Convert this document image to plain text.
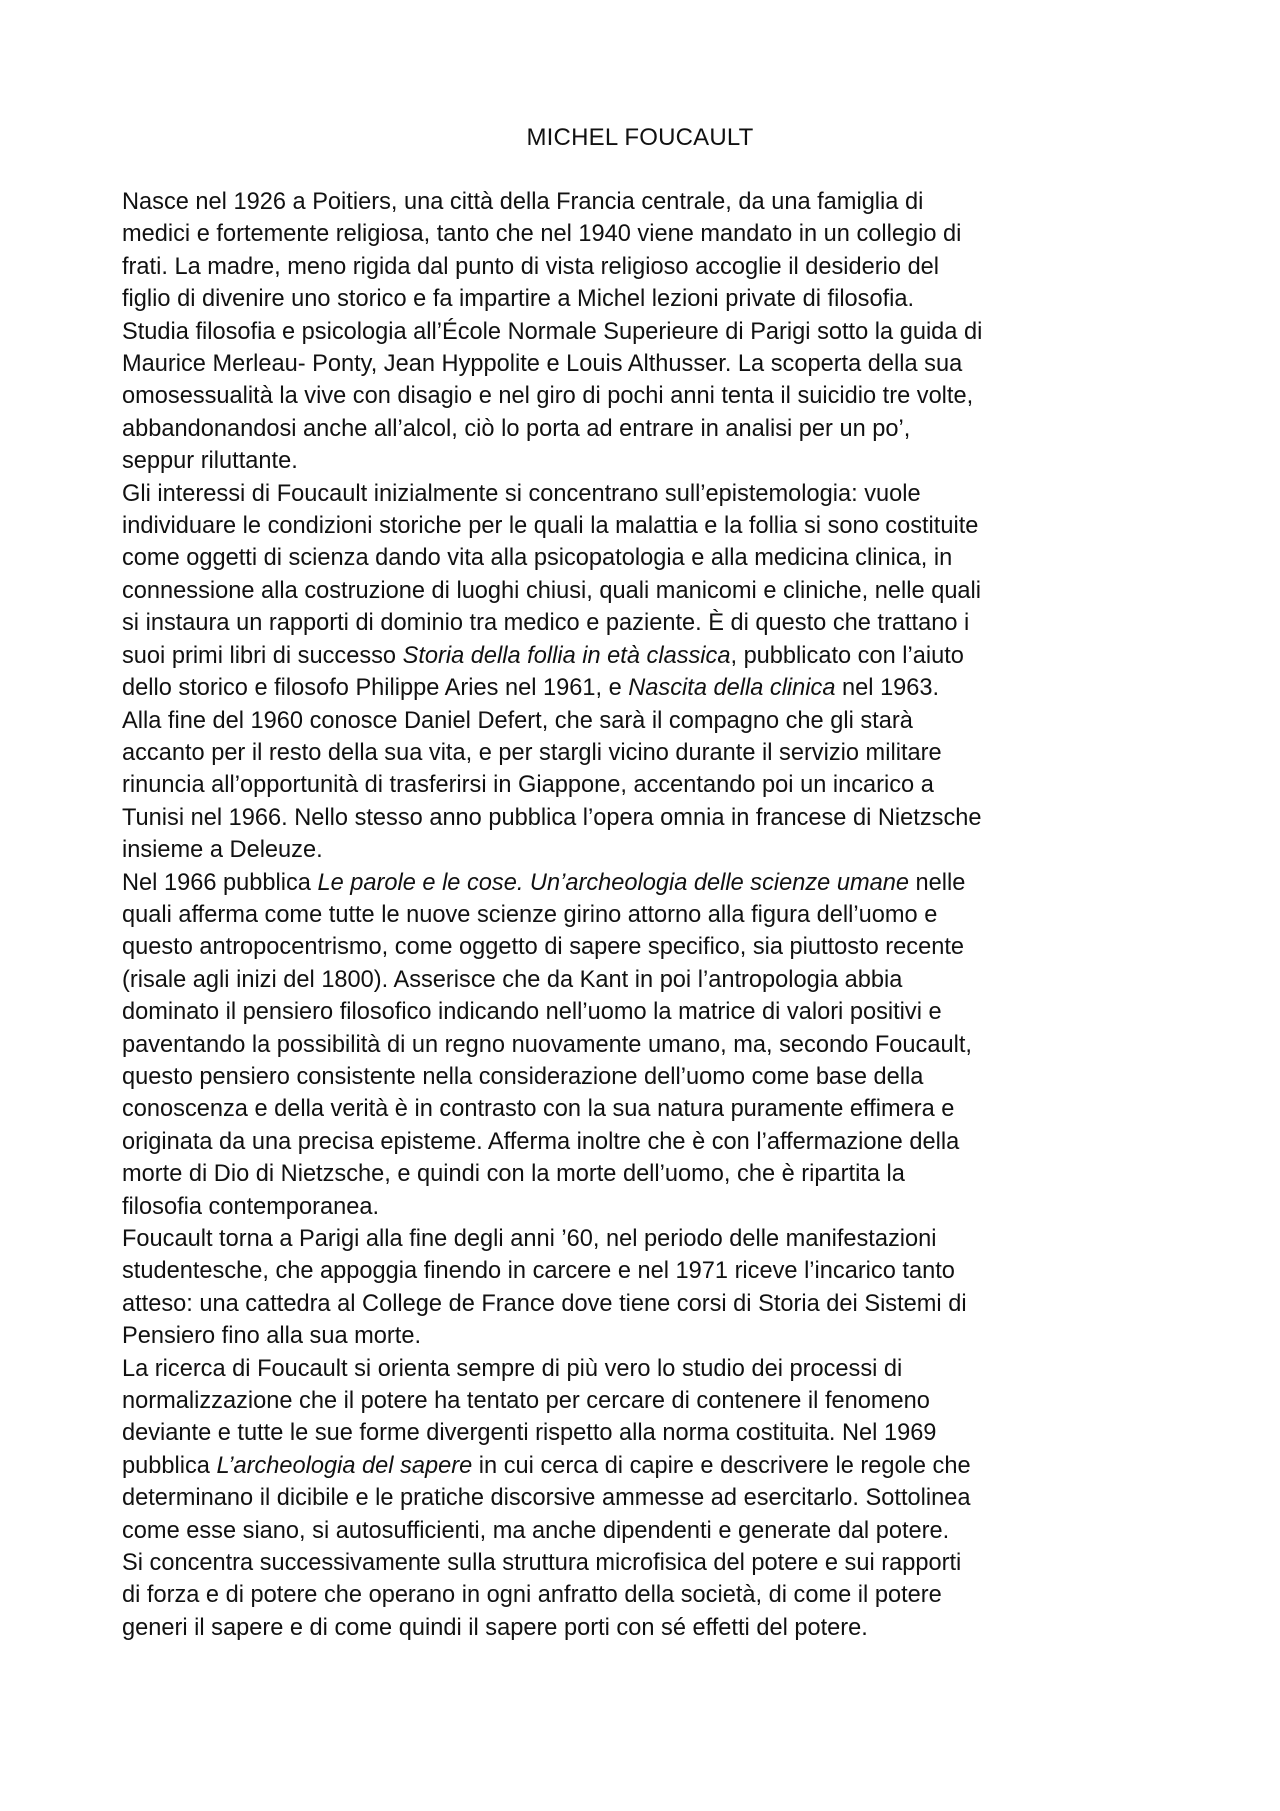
MICHEL FOUCAULT
Nasce nel 1926 a Poitiers, una città della Francia centrale, da una famiglia di
medici e fortemente religiosa, tanto che nel 1940 viene mandato in un collegio di
frati. La madre, meno rigida dal punto di vista religioso accoglie il desiderio del
figlio di divenire uno storico e fa impartire a Michel lezioni private di filosofia.
Studia filosofia e psicologia all’École Normale Superieure di Parigi sotto la guida di
Maurice Merleau- Ponty, Jean Hyppolite e Louis Althusser. La scoperta della sua
omosessualità la vive con disagio e nel giro di pochi anni tenta il suicidio tre volte,
abbandonandosi anche all’alcol, ciò lo porta ad entrare in analisi per un po’,
seppur riluttante.
Gli interessi di Foucault inizialmente si concentrano sull’epistemologia: vuole
individuare le condizioni storiche per le quali la malattia e la follia si sono costituite
come oggetti di scienza dando vita alla psicopatologia e alla medicina clinica, in
connessione alla costruzione di luoghi chiusi, quali manicomi e cliniche, nelle quali
si instaura un rapporti di dominio tra medico e paziente. È di questo che trattano i
suoi primi libri di successo Storia della follia in età classica, pubblicato con l’aiuto
dello storico e filosofo Philippe Aries nel 1961, e Nascita della clinica nel 1963.
Alla fine del 1960 conosce Daniel Defert, che sarà il compagno che gli starà
accanto per il resto della sua vita, e per stargli vicino durante il servizio militare
rinuncia all’opportunità di trasferirsi in Giappone, accentando poi un incarico a
Tunisi nel 1966. Nello stesso anno pubblica l’opera omnia in francese di Nietzsche
insieme a Deleuze.
Nel 1966 pubblica Le parole e le cose. Un’archeologia delle scienze umane nelle
quali afferma come tutte le nuove scienze girino attorno alla figura dell’uomo e
questo antropocentrismo, come oggetto di sapere specifico, sia piuttosto recente
(risale agli inizi del 1800). Asserisce che da Kant in poi l’antropologia abbia
dominato il pensiero filosofico indicando nell’uomo la matrice di valori positivi e
paventando la possibilità di un regno nuovamente umano, ma, secondo Foucault,
questo pensiero consistente nella considerazione dell’uomo come base della
conoscenza e della verità è in contrasto con la sua natura puramente effimera e
originata da una precisa episteme. Afferma inoltre che è con l’affermazione della
morte di Dio di Nietzsche, e quindi con la morte dell’uomo, che è ripartita la
filosofia contemporanea.
Foucault torna a Parigi alla fine degli anni ’60, nel periodo delle manifestazioni
studentesche, che appoggia finendo in carcere e nel 1971 riceve l’incarico tanto
atteso: una cattedra al College de France dove tiene corsi di Storia dei Sistemi di
Pensiero fino alla sua morte.
La ricerca di Foucault si orienta sempre di più vero lo studio dei processi di
normalizzazione che il potere ha tentato per cercare di contenere il fenomeno
deviante e tutte le sue forme divergenti rispetto alla norma costituita. Nel 1969
pubblica L’archeologia del sapere in cui cerca di capire e descrivere le regole che
determinano il dicibile e le pratiche discorsive ammesse ad esercitarlo. Sottolinea
come esse siano, si autosufficienti, ma anche dipendenti e generate dal potere.
Si concentra successivamente sulla struttura microfisica del potere e sui rapporti
di forza e di potere che operano in ogni anfratto della società, di come il potere
generi il sapere e di come quindi il sapere porti con sé effetti del potere.
